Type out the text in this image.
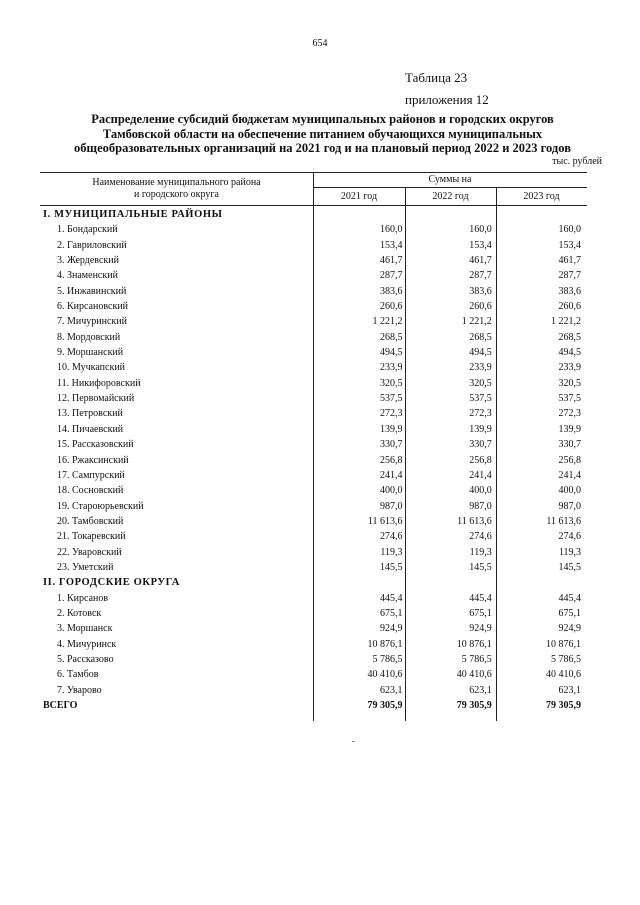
654
Таблица 23
приложения 12
Распределение субсидий бюджетам муниципальных районов и городских округов
Тамбовской области на обеспечение питанием обучающихся муниципальных
общеобразовательных организаций на 2021 год и на плановый период 2022 и 2023 годов
тыс. рублей
Наименование муниципального района
и городского округа
Суммы на
2021 год	2022 год	2023 год
I. МУНИЦИПАЛЬНЫЕ РАЙОНЫ			
1. Бондарский	160,0	160,0	160,0
2. Гавриловский	153,4	153,4	153,4
3. Жердевский	461,7	461,7	461,7
4. Знаменский	287,7	287,7	287,7
5. Инжавинский	383,6	383,6	383,6
6. Кирсановский	260,6	260,6	260,6
7. Мичуринский	1 221,2	1 221,2	1 221,2
8. Мордовский	268,5	268,5	268,5
9. Моршанский	494,5	494,5	494,5
10. Мучкапский	233,9	233,9	233,9
11. Никифоровский	320,5	320,5	320,5
12. Первомайский	537,5	537,5	537,5
13. Петровский	272,3	272,3	272,3
14. Пичаевский	139,9	139,9	139,9
15. Рассказовский	330,7	330,7	330,7
16. Ржаксинский	256,8	256,8	256,8
17. Сампурский	241,4	241,4	241,4
18. Сосновский	400,0	400,0	400,0
19. Староюрьевский	987,0	987,0	987,0
20. Тамбовский	11 613,6	11 613,6	11 613,6
21. Токаревский	274,6	274,6	274,6
22. Уваровский	119,3	119,3	119,3
23. Уметский	145,5	145,5	145,5
II. ГОРОДСКИЕ ОКРУГА			
1. Кирсанов	445,4	445,4	445,4
2. Котовск	675,1	675,1	675,1
3. Моршанск	924,9	924,9	924,9
4. Мичуринск	10 876,1	10 876,1	10 876,1
5. Рассказово	5 786,5	5 786,5	5 786,5
6. Тамбов	40 410,6	40 410,6	40 410,6
7. Уварово	623,1	623,1	623,1
ВСЕГО	79 305,9	79 305,9	79 305,9
